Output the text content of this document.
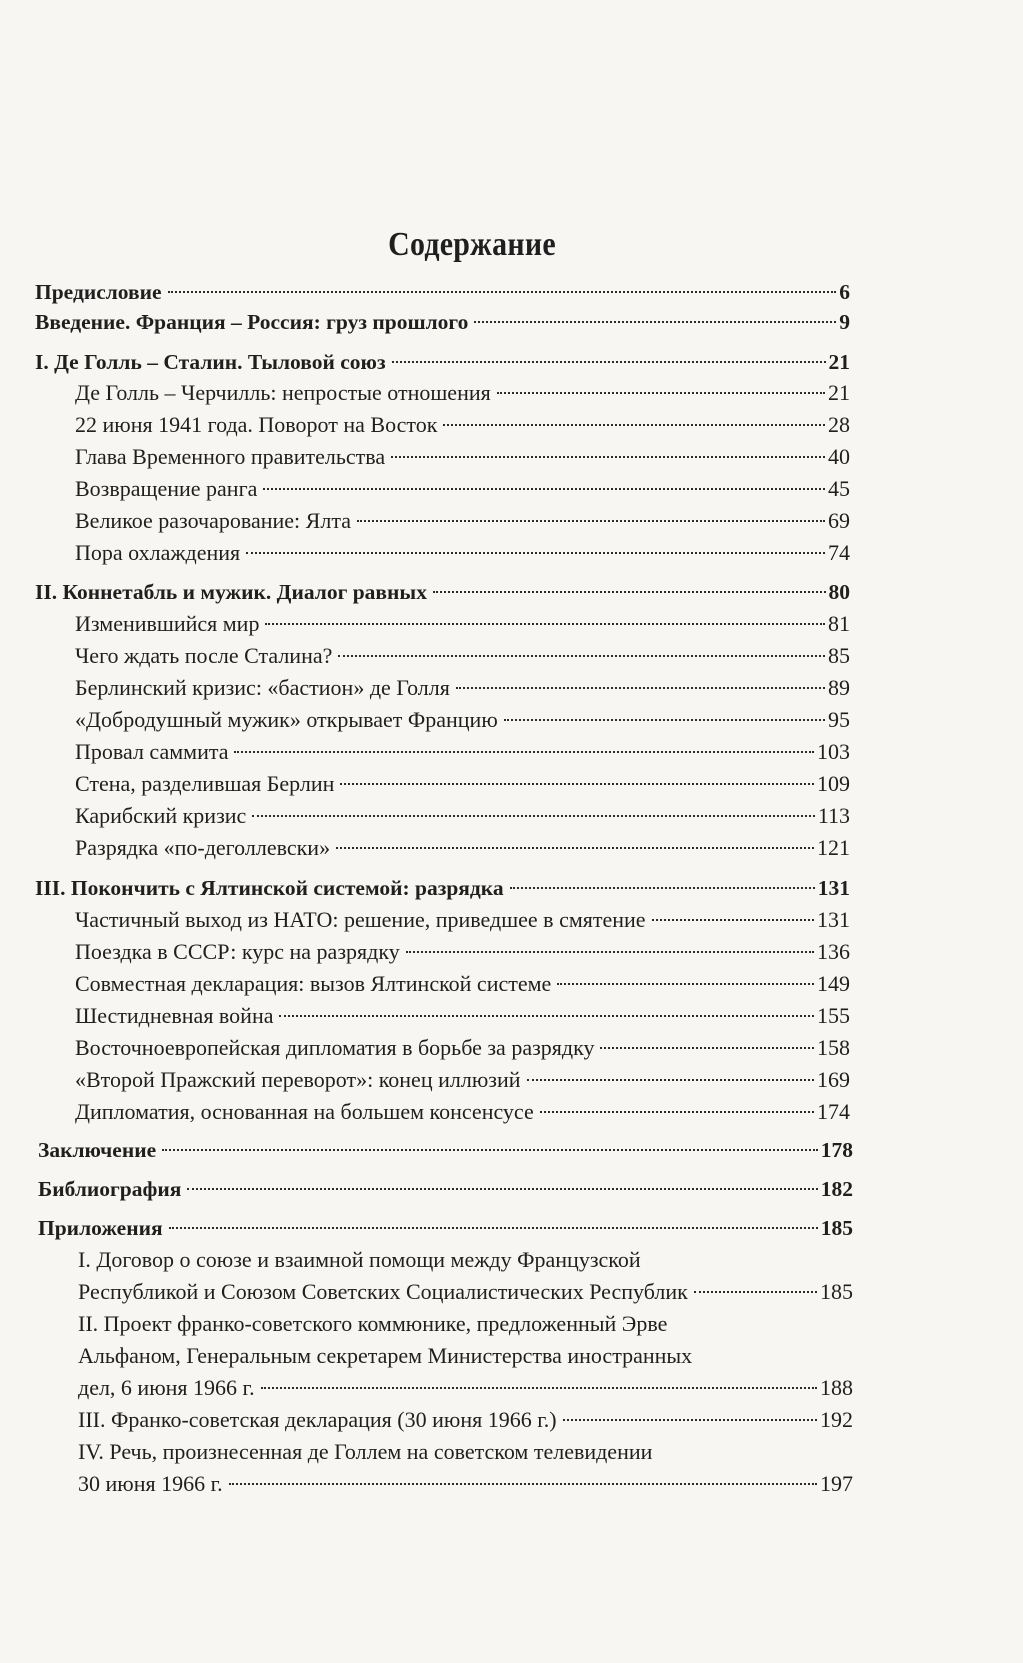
Содержание
Предисловие	6
Введение. Франция – Россия: груз прошлого	9
I. Де Голль – Сталин. Тыловой союз	21
Де Голль – Черчилль: непростые отношения	21
22 июня 1941 года. Поворот на Восток	28
Глава Временного правительства	40
Возвращение ранга	45
Великое разочарование: Ялта	69
Пора охлаждения	74
II. Коннетабль и мужик. Диалог равных	80
Изменившийся мир	81
Чего ждать после Сталина?	85
Берлинский кризис: «бастион» де Голля	89
«Добродушный мужик» открывает Францию	95
Провал саммита	103
Стена, разделившая Берлин	109
Карибский кризис	113
Разрядка «по-деголлевски»	121
III. Покончить с Ялтинской системой: разрядка	131
Частичный выход из НАТО: решение, приведшее в смятение	131
Поездка в СССР: курс на разрядку	136
Совместная декларация: вызов Ялтинской системе	149
Шестидневная война	155
Восточноевропейская дипломатия в борьбе за разрядку	158
«Второй Пражский переворот»: конец иллюзий	169
Дипломатия, основанная на большем консенсусе	174
Заключение	178
Библиография	182
Приложения	185
I. Договор о союзе и взаимной помощи между Французской
Республикой и Союзом Советских Социалистических Республик	185
II. Проект франко-советского коммюнике, предложенный Эрве
Альфаном, Генеральным секретарем Министерства иностранных
дел, 6 июня 1966 г.	188
III. Франко-советская декларация (30 июня 1966 г.)	192
IV. Речь, произнесенная де Голлем на советском телевидении
30 июня 1966 г.	197
